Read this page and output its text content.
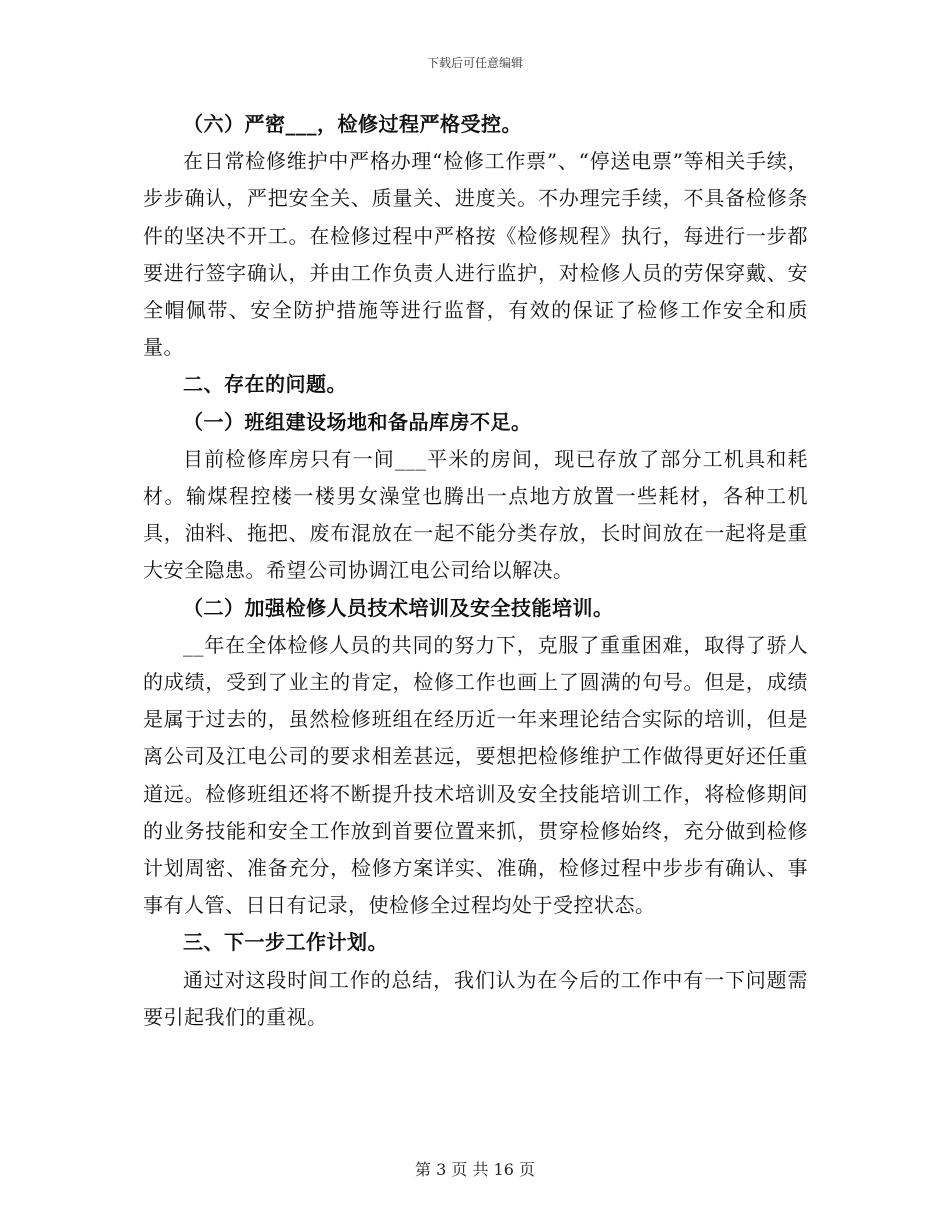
下载后可任意编辑

（六）严密___，检修过程严格受控。

在日常检修维护中严格办理“检修工作票”、“停送电票”等相关手续，步步确认，严把安全关、质量关、进度关。不办理完手续，不具备检修条件的坚决不开工。在检修过程中严格按《检修规程》执行，每进行一步都要进行签字确认，并由工作负责人进行监护，对检修人员的劳保穿戴、安全帽佩带、安全防护措施等进行监督，有效的保证了检修工作安全和质量。

二、存在的问题。

（一）班组建设场地和备品库房不足。

目前检修库房只有一间___平米的房间，现已存放了部分工机具和耗材。输煤程控楼一楼男女澡堂也腾出一点地方放置一些耗材，各种工机具，油料、拖把、废布混放在一起不能分类存放，长时间放在一起将是重大安全隐患。希望公司协调江电公司给以解决。

（二）加强检修人员技术培训及安全技能培训。

__年在全体检修人员的共同的努力下，克服了重重困难，取得了骄人的成绩，受到了业主的肯定，检修工作也画上了圆满的句号。但是，成绩是属于过去的，虽然检修班组在经历近一年来理论结合实际的培训，但是离公司及江电公司的要求相差甚远，要想把检修维护工作做得更好还任重道远。检修班组还将不断提升技术培训及安全技能培训工作，将检修期间的业务技能和安全工作放到首要位置来抓，贯穿检修始终，充分做到检修计划周密、准备充分，检修方案详实、准确，检修过程中步步有确认、事事有人管、日日有记录，使检修全过程均处于受控状态。

三、下一步工作计划。

通过对这段时间工作的总结，我们认为在今后的工作中有一下问题需要引起我们的重视。

第 3 页 共 16 页
